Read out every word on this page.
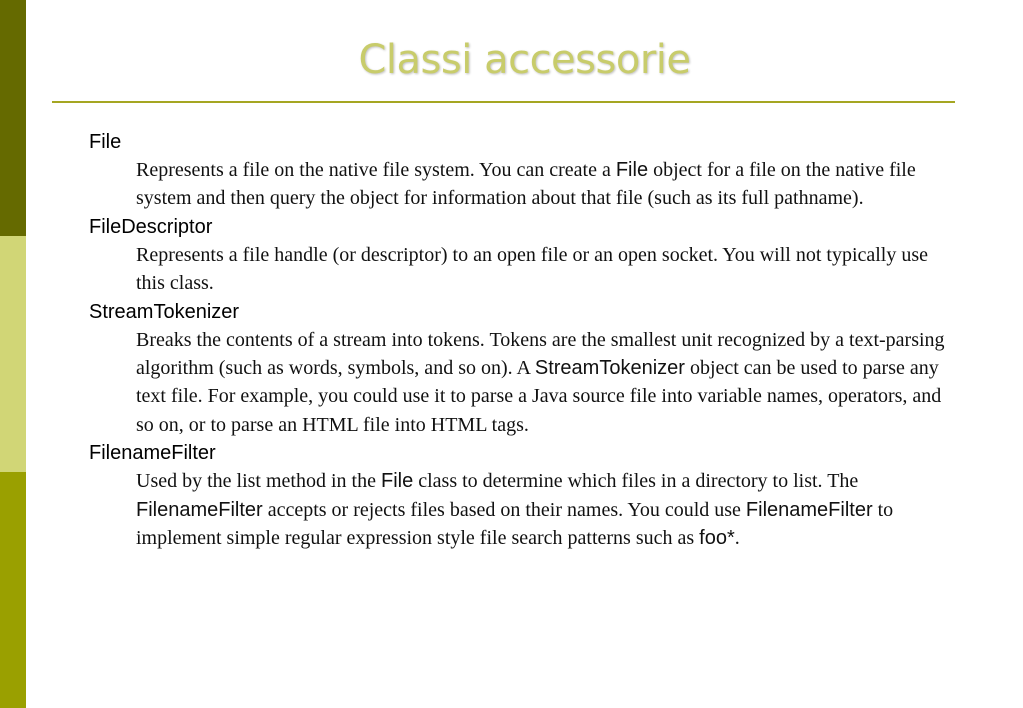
Classi accessorie
File
Represents a file on the native file system. You can create a File object for a file on the native file system and then query the object for information about that file (such as its full pathname).
FileDescriptor
Represents a file handle (or descriptor) to an open file or an open socket. You will not typically use this class.
StreamTokenizer
Breaks the contents of a stream into tokens. Tokens are the smallest unit recognized by a text-parsing algorithm (such as words, symbols, and so on). A StreamTokenizer object can be used to parse any text file. For example, you could use it to parse a Java source file into variable names, operators, and so on, or to parse an HTML file into HTML tags.
FilenameFilter
Used by the list method in the File class to determine which files in a directory to list. The FilenameFilter accepts or rejects files based on their names. You could use FilenameFilter to implement simple regular expression style file search patterns such as foo*.
